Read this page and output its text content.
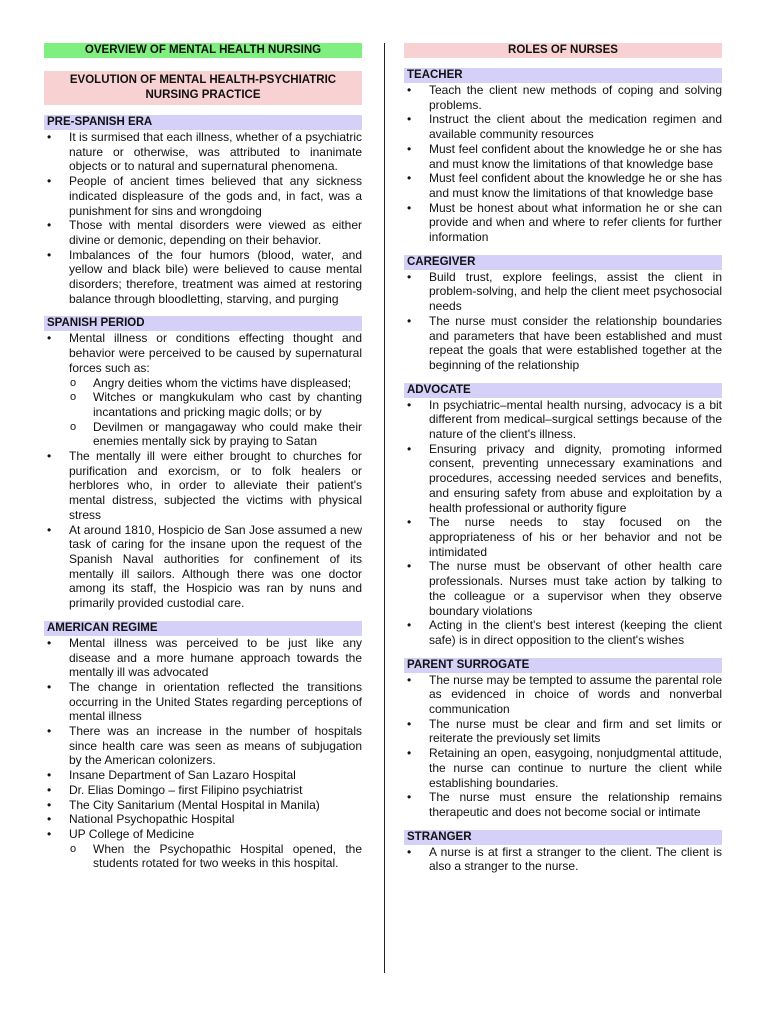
OVERVIEW OF MENTAL HEALTH NURSING
EVOLUTION OF MENTAL HEALTH-PSYCHIATRIC NURSING PRACTICE
PRE-SPANISH ERA
• It is surmised that each illness, whether of a psychiatric nature or otherwise, was attributed to inanimate objects or to natural and supernatural phenomena.
• People of ancient times believed that any sickness indicated displeasure of the gods and, in fact, was a punishment for sins and wrongdoing
• Those with mental disorders were viewed as either divine or demonic, depending on their behavior.
• Imbalances of the four humors (blood, water, and yellow and black bile) were believed to cause mental disorders; therefore, treatment was aimed at restoring balance through bloodletting, starving, and purging
SPANISH PERIOD
• Mental illness or conditions effecting thought and behavior were perceived to be caused by supernatural forces such as:
o Angry deities whom the victims have displeased;
o Witches or mangkukulam who cast by chanting incantations and pricking magic dolls; or by
o Devilmen or mangagaway who could make their enemies mentally sick by praying to Satan
• The mentally ill were either brought to churches for purification and exorcism, or to folk healers or herblores who, in order to alleviate their patient's mental distress, subjected the victims with physical stress
• At around 1810, Hospicio de San Jose assumed a new task of caring for the insane upon the request of the Spanish Naval authorities for confinement of its mentally ill sailors. Although there was one doctor among its staff, the Hospicio was ran by nuns and primarily provided custodial care.
AMERICAN REGIME
• Mental illness was perceived to be just like any disease and a more humane approach towards the mentally ill was advocated
• The change in orientation reflected the transitions occurring in the United States regarding perceptions of mental illness
• There was an increase in the number of hospitals since health care was seen as means of subjugation by the American colonizers.
• Insane Department of San Lazaro Hospital
• Dr. Elias Domingo – first Filipino psychiatrist
• The City Sanitarium (Mental Hospital in Manila)
• National Psychopathic Hospital
• UP College of Medicine
o When the Psychopathic Hospital opened, the students rotated for two weeks in this hospital.
ROLES OF NURSES
TEACHER
• Teach the client new methods of coping and solving problems.
• Instruct the client about the medication regimen and available community resources
• Must feel confident about the knowledge he or she has and must know the limitations of that knowledge base
• Must feel confident about the knowledge he or she has and must know the limitations of that knowledge base
• Must be honest about what information he or she can provide and when and where to refer clients for further information
CAREGIVER
• Build trust, explore feelings, assist the client in problem-solving, and help the client meet psychosocial needs
• The nurse must consider the relationship boundaries and parameters that have been established and must repeat the goals that were established together at the beginning of the relationship
ADVOCATE
• In psychiatric–mental health nursing, advocacy is a bit different from medical–surgical settings because of the nature of the client's illness.
• Ensuring privacy and dignity, promoting informed consent, preventing unnecessary examinations and procedures, accessing needed services and benefits, and ensuring safety from abuse and exploitation by a health professional or authority figure
• The nurse needs to stay focused on the appropriateness of his or her behavior and not be intimidated
• The nurse must be observant of other health care professionals. Nurses must take action by talking to the colleague or a supervisor when they observe boundary violations
• Acting in the client's best interest (keeping the client safe) is in direct opposition to the client's wishes
PARENT SURROGATE
• The nurse may be tempted to assume the parental role as evidenced in choice of words and nonverbal communication
• The nurse must be clear and firm and set limits or reiterate the previously set limits
• Retaining an open, easygoing, nonjudgmental attitude, the nurse can continue to nurture the client while establishing boundaries.
• The nurse must ensure the relationship remains therapeutic and does not become social or intimate
STRANGER
• A nurse is at first a stranger to the client. The client is also a stranger to the nurse.
